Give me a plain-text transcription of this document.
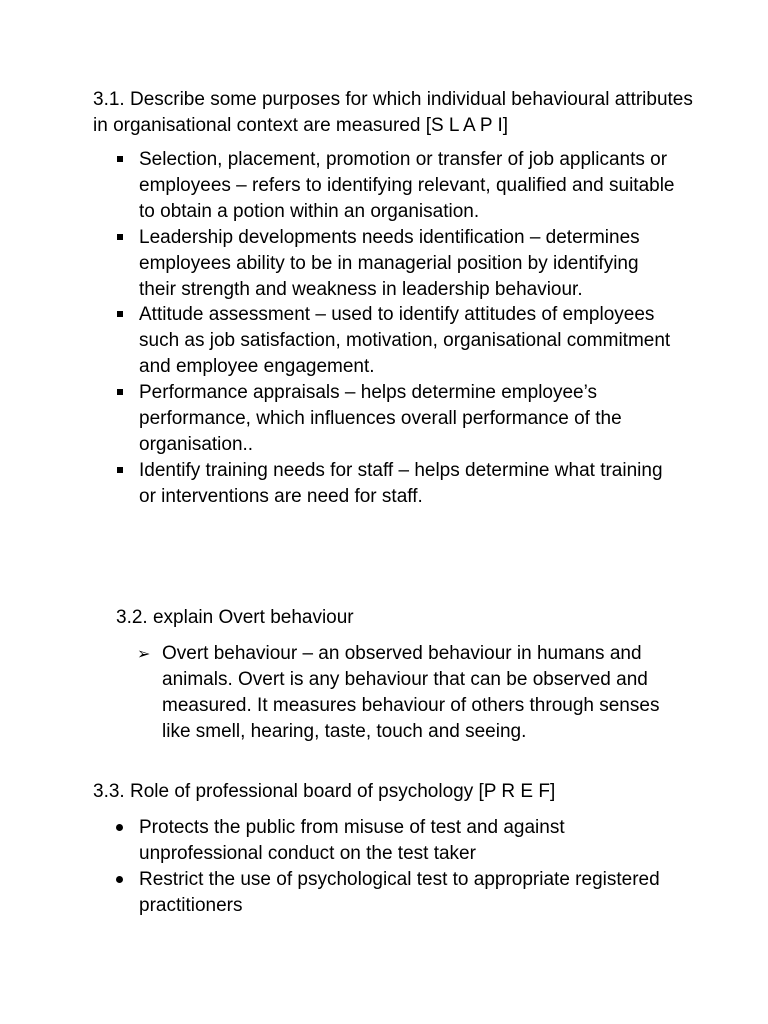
3.1. Describe some purposes for which individual behavioural attributes in organisational context are measured [S L A P I]

Selection, placement, promotion or transfer of job applicants or employees – refers to identifying relevant, qualified and suitable to obtain a potion within an organisation.
Leadership developments needs identification – determines employees ability to be in managerial position by identifying their strength and weakness in leadership behaviour.
Attitude assessment – used to identify attitudes of employees such as job satisfaction, motivation, organisational commitment and employee engagement.
Performance appraisals – helps determine employee’s performance, which influences overall performance of the organisation..
Identify training needs for staff – helps determine what training or interventions are need for staff.

3.2. explain Overt behaviour

➢ Overt behaviour – an observed behaviour in humans and animals. Overt is any behaviour that can be observed and measured. It measures behaviour of others through senses like smell, hearing, taste, touch and seeing.

3.3. Role of professional board of psychology [P R E F]

Protects the public from misuse of test and against unprofessional conduct on the test taker
Restrict the use of psychological test to appropriate registered practitioners
